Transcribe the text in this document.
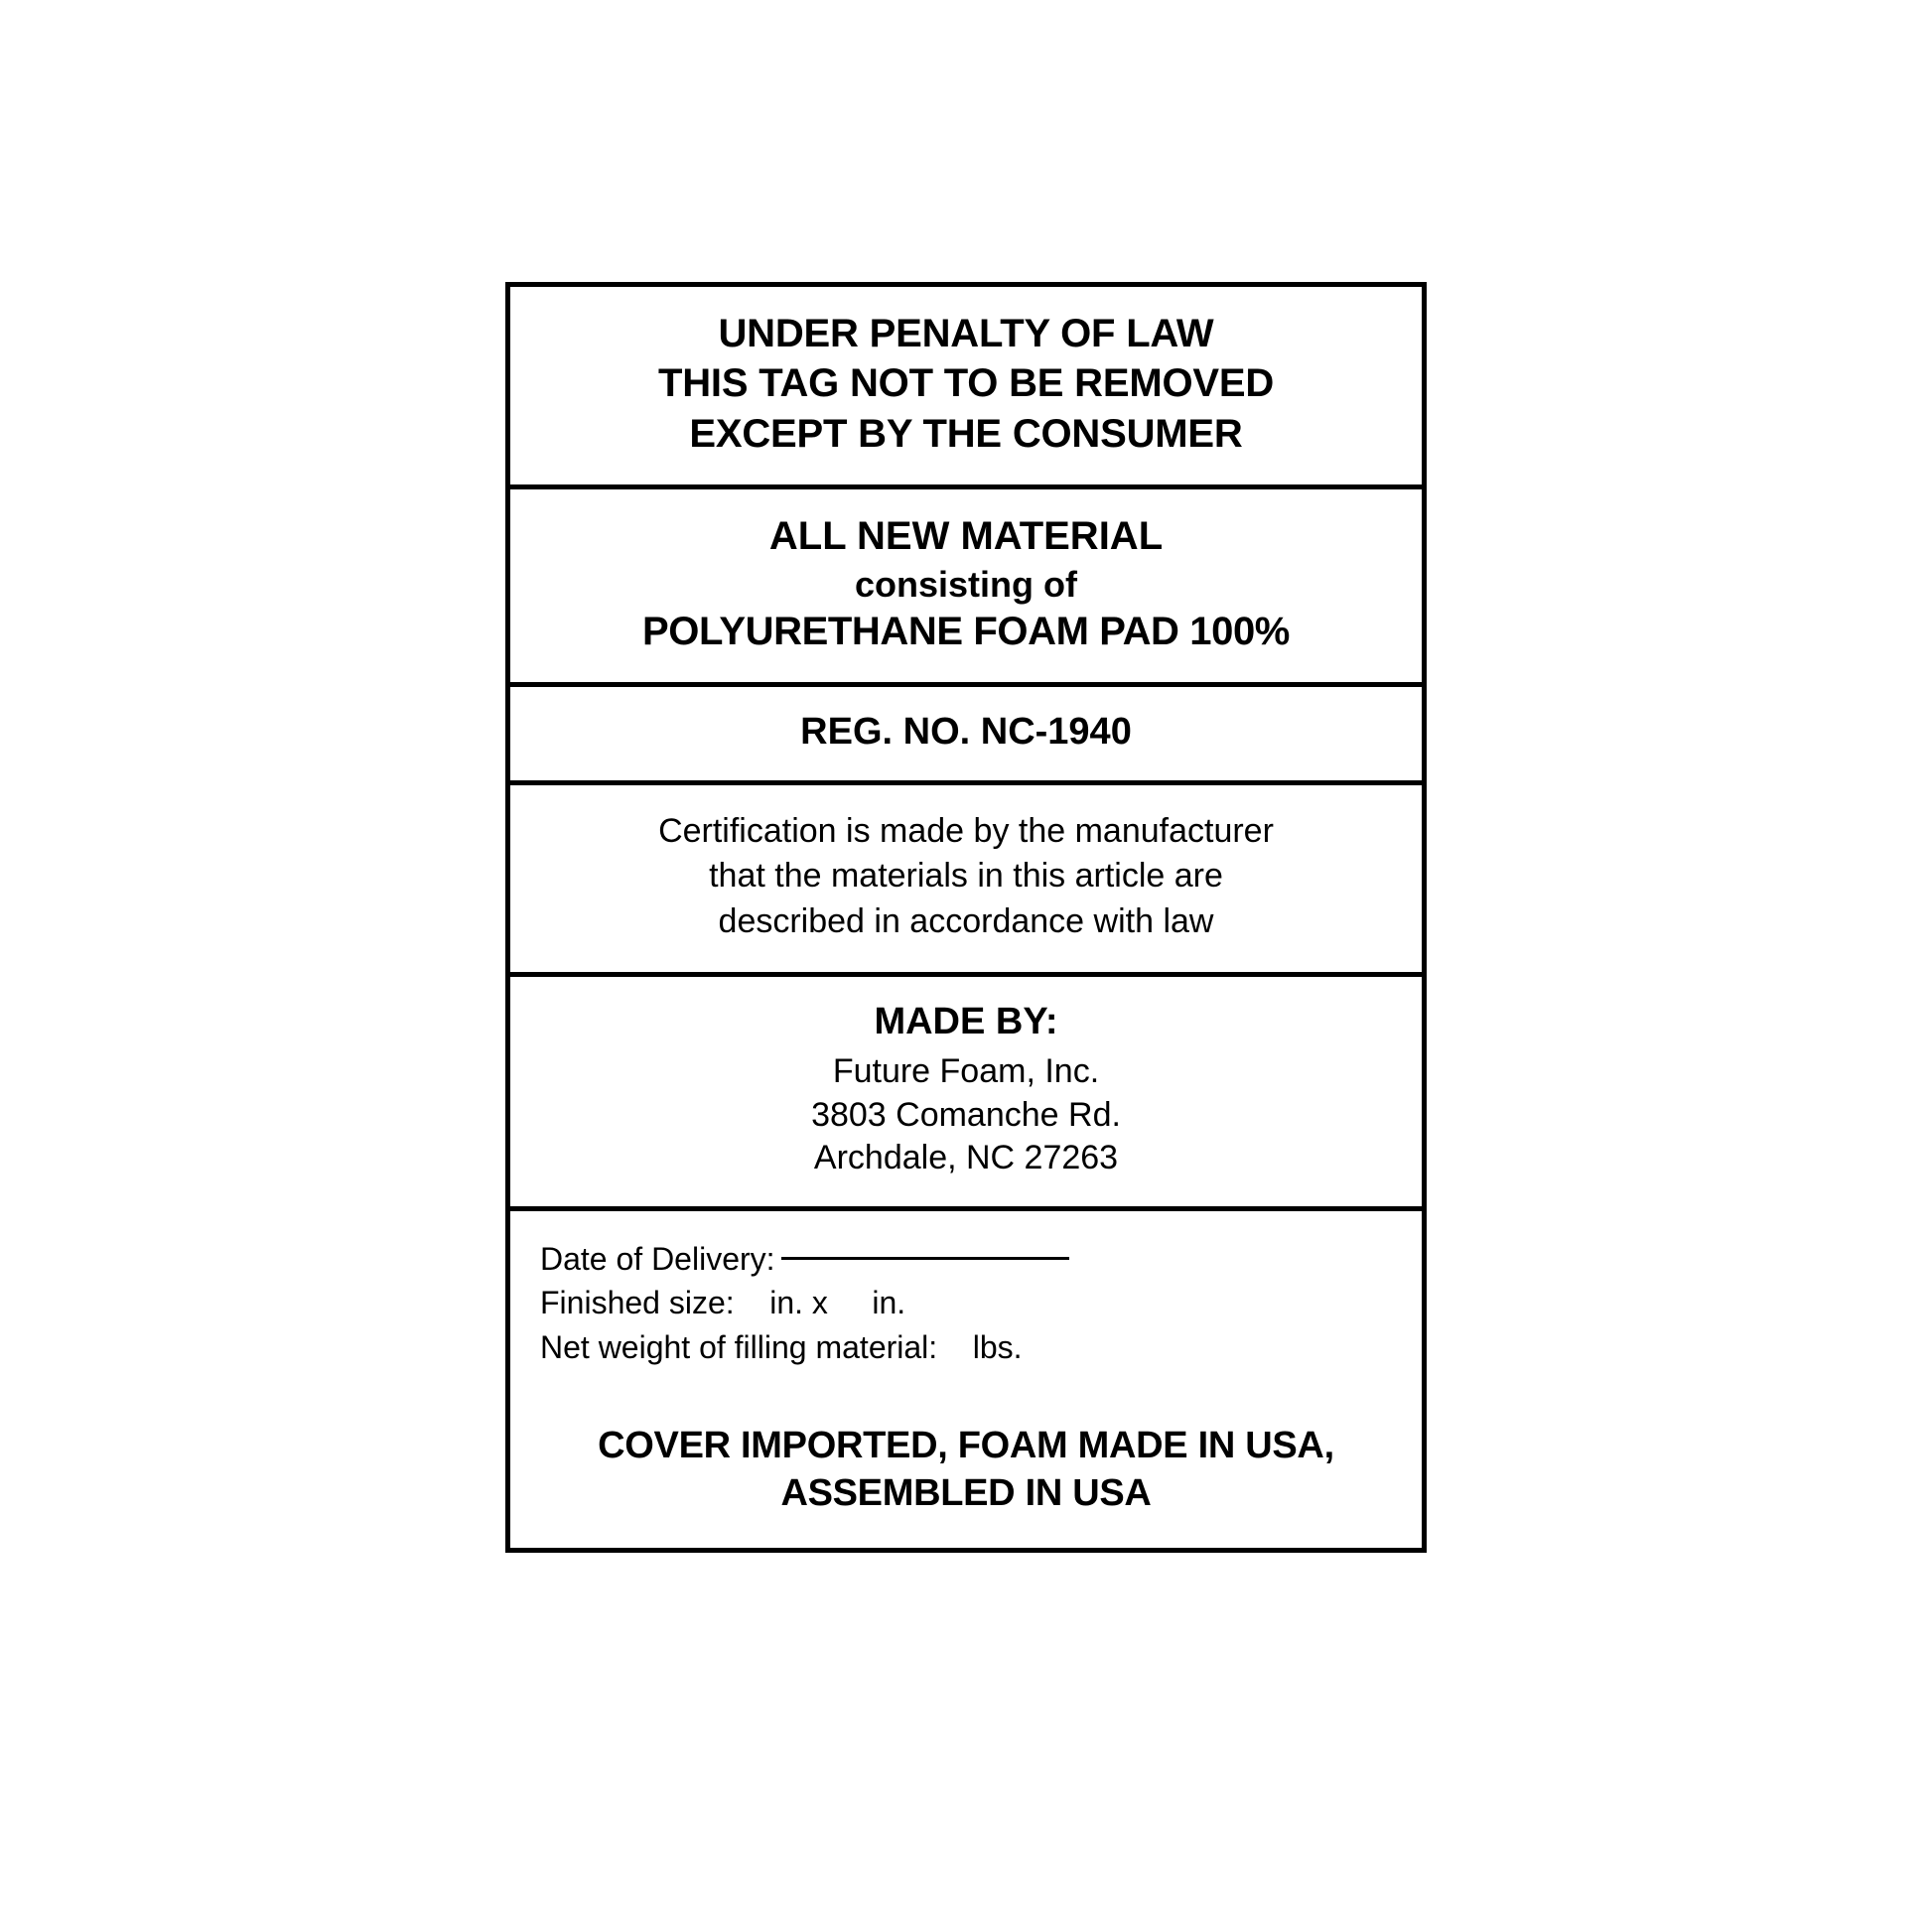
UNDER PENALTY OF LAW
THIS TAG NOT TO BE REMOVED
EXCEPT BY THE CONSUMER
ALL NEW MATERIAL
consisting of
POLYURETHANE FOAM PAD 100%
REG. NO. NC-1940
Certification is made by the manufacturer
that the materials in this article are
described in accordance with law
MADE BY:
Future Foam, Inc.
3803 Comanche Rd.
Archdale, NC 27263
Date of Delivery:
Finished size:    in. x     in.
Net weight of filling material:    lbs.
COVER IMPORTED, FOAM MADE IN USA,
ASSEMBLED IN USA
